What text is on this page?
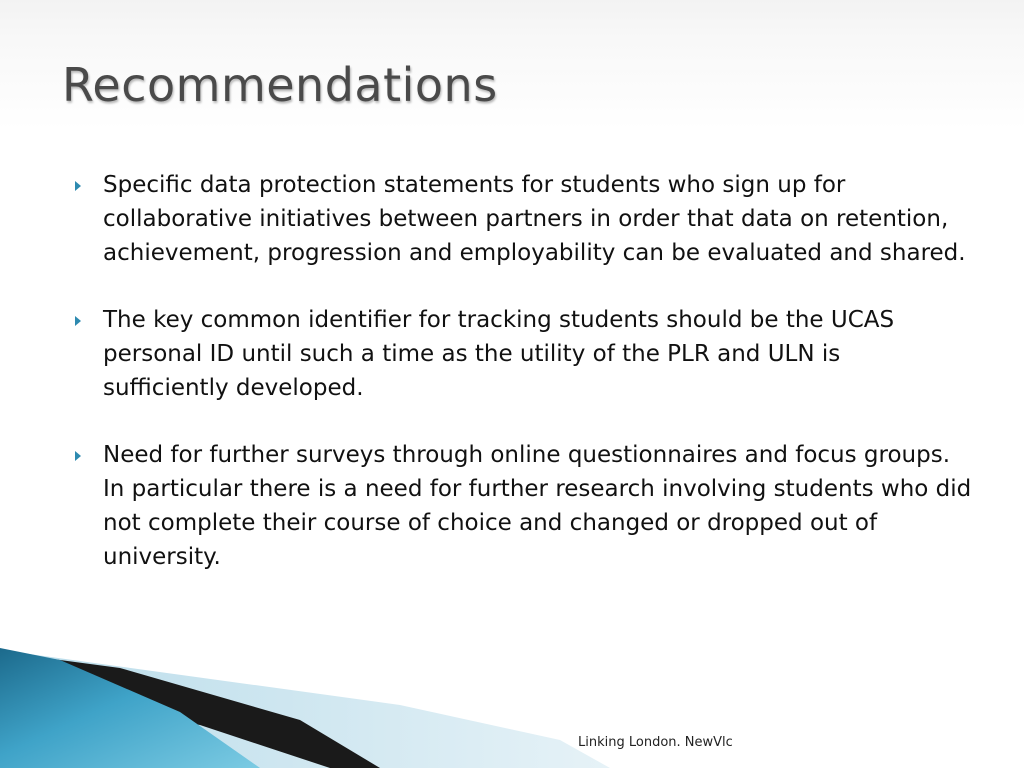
Recommendations
Specific data protection statements for students who sign up for collaborative initiatives between partners in order that data on retention, achievement, progression and employability can be evaluated and shared.
The key common identifier for tracking students should be the UCAS personal ID until such a time as the utility of the PLR and ULN is sufficiently developed.
Need for further surveys through online questionnaires and focus groups. In particular there is a need for further research involving students who did not complete their course of choice and changed or dropped out of university.
Linking London. NewVlc
